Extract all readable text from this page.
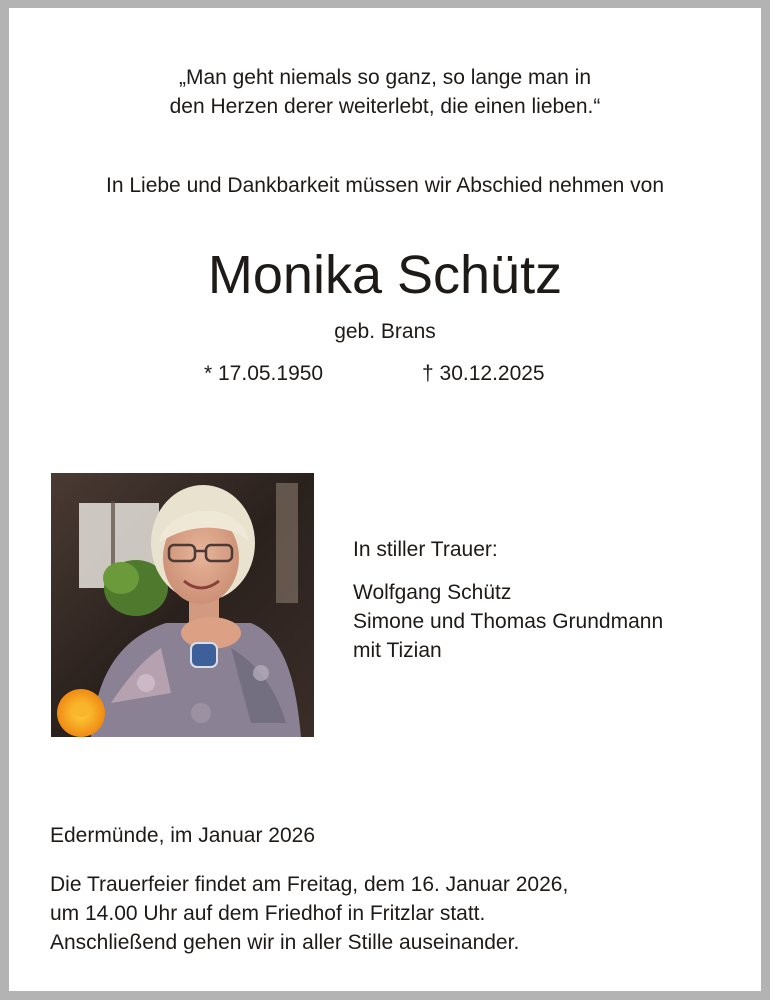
„Man geht niemals so ganz, so lange man in
den Herzen derer weiterlebt, die einen lieben.“
In Liebe und Dankbarkeit müssen wir Abschied nehmen von
Monika Schütz
geb. Brans
* 17.05.1950	† 30.12.2025
In stiller Trauer:
Wolfgang Schütz
Simone und Thomas Grundmann
mit Tizian
Edermünde, im Januar 2026
Die Trauerfeier findet am Freitag, dem 16. Januar 2026,
um 14.00 Uhr auf dem Friedhof in Fritzlar statt.
Anschließend gehen wir in aller Stille auseinander.
